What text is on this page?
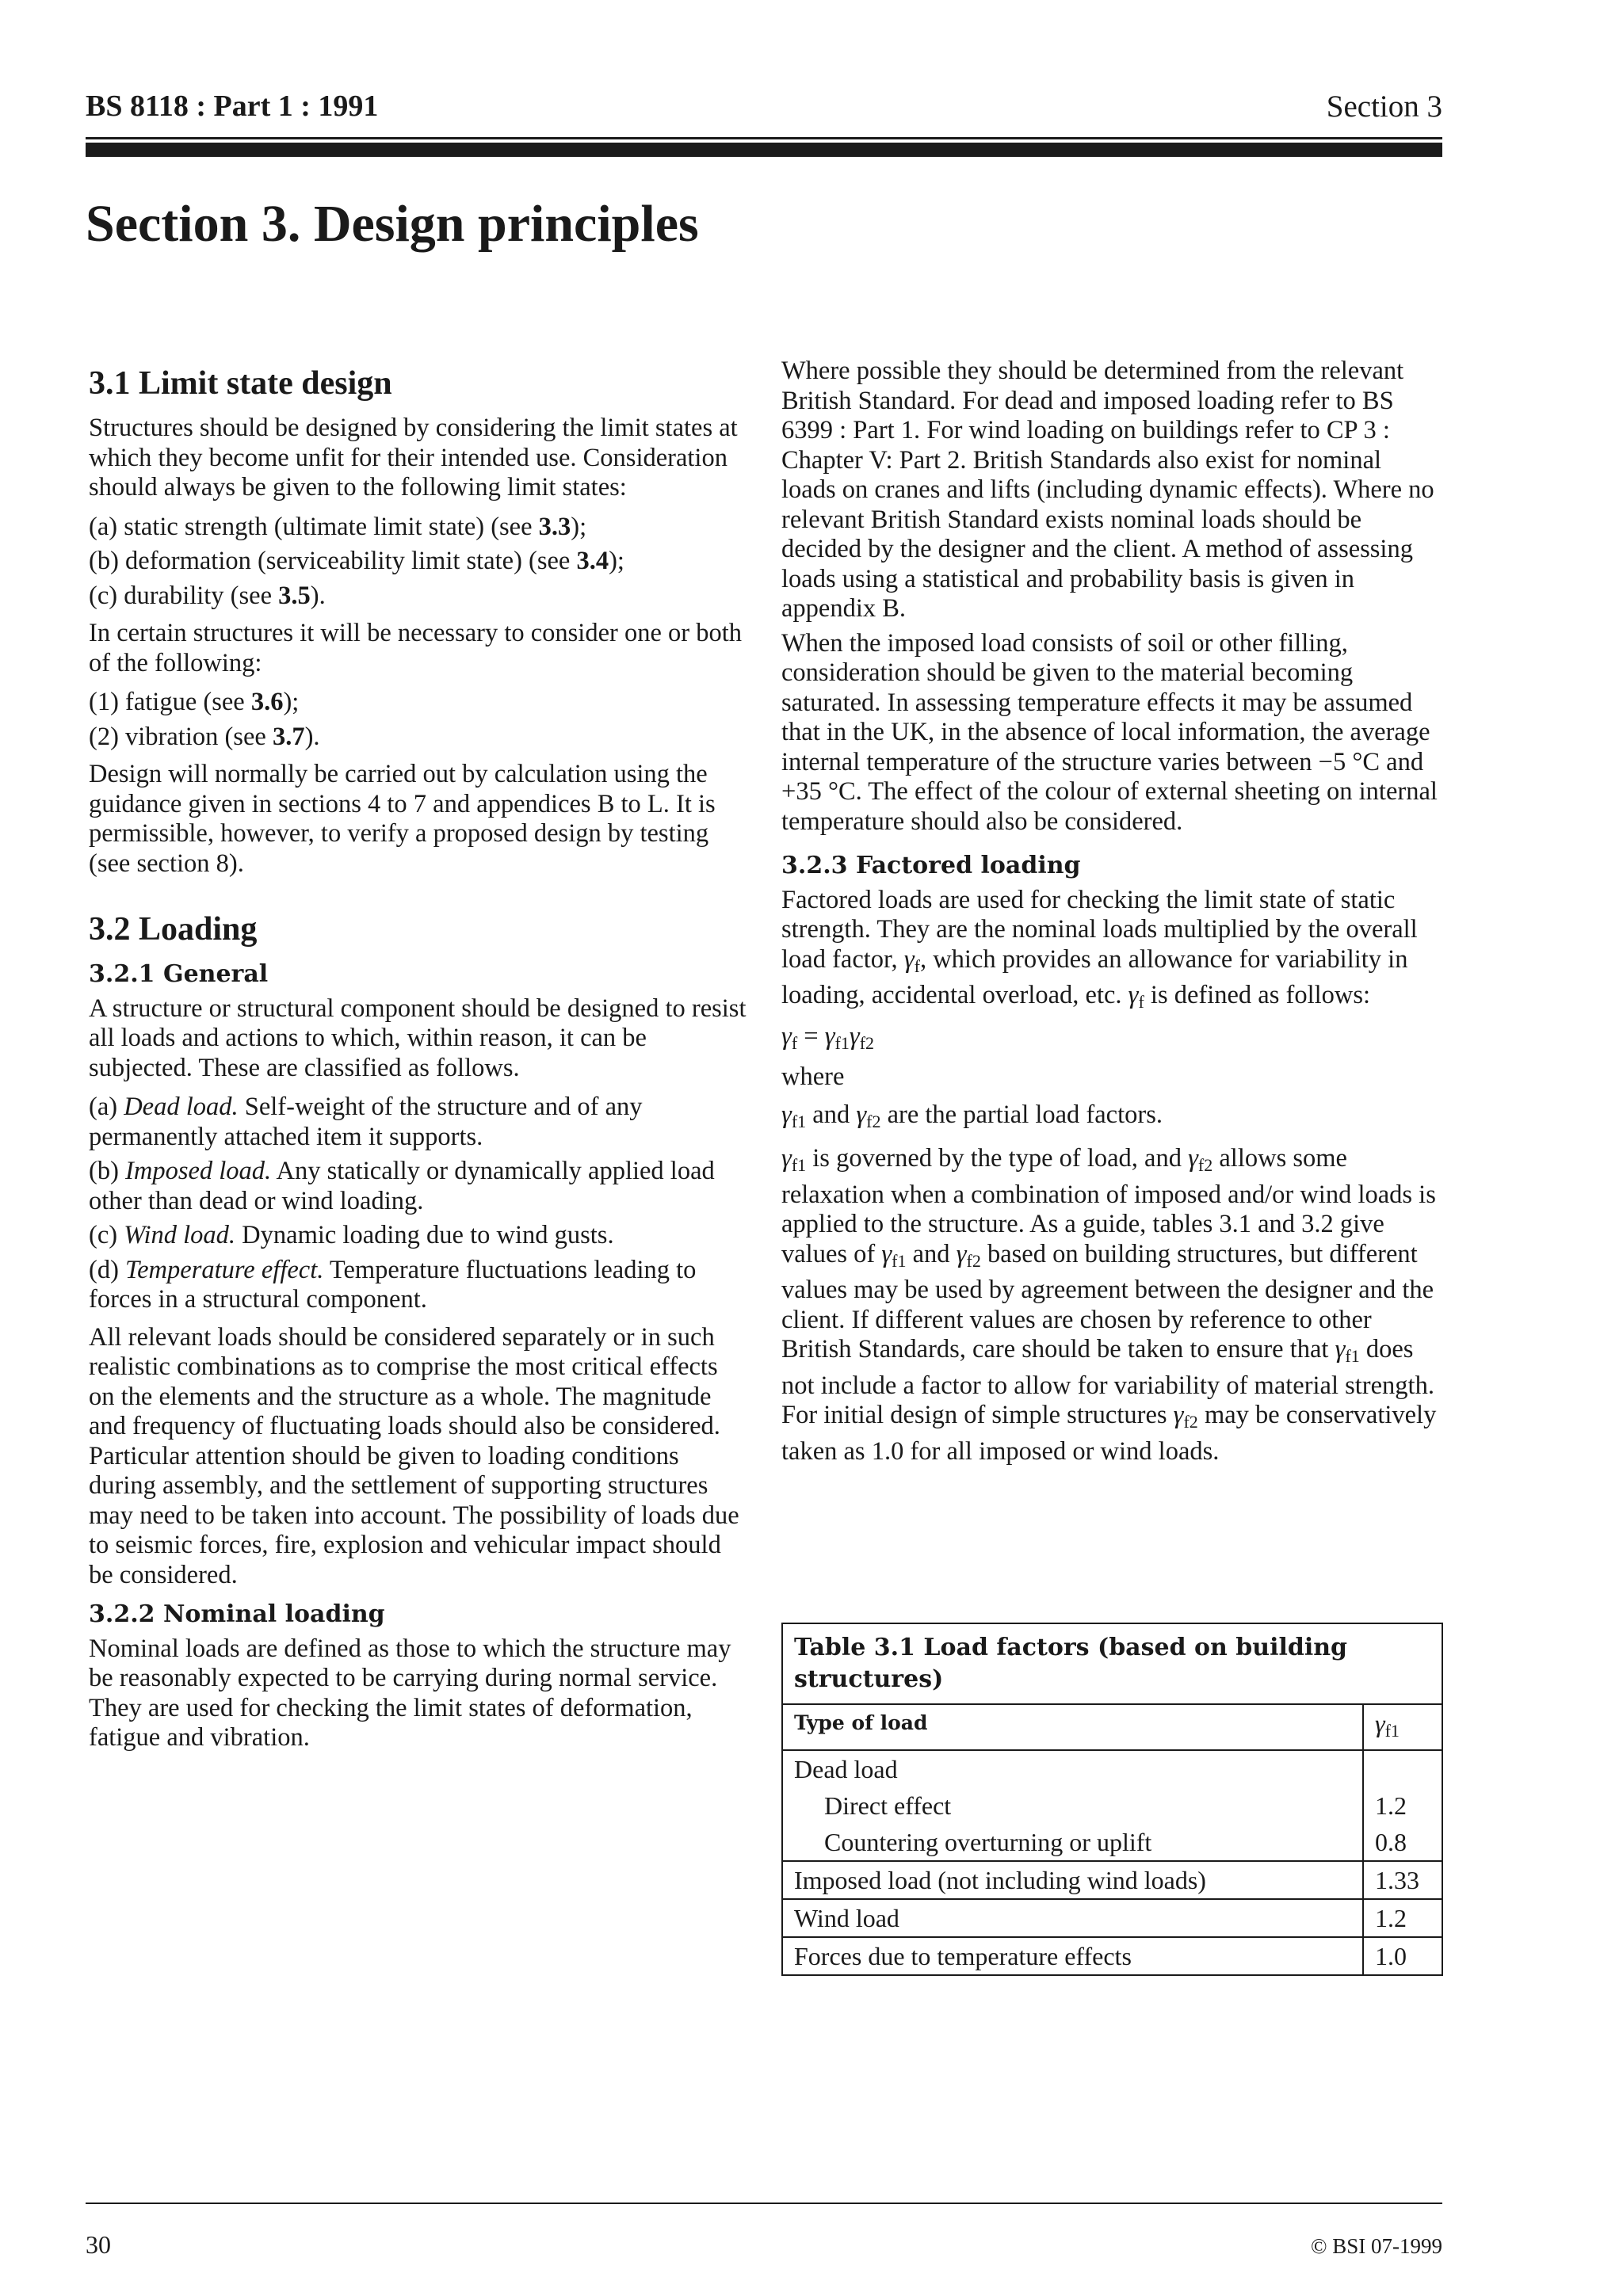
BS 8118 : Part 1 : 1991	Section 3
Section 3. Design principles
3.1 Limit state design

Structures should be designed by considering the limit states at which they become unfit for their intended use. Consideration should always be given to the following limit states:

(a) static strength (ultimate limit state) (see 3.3);

(b) deformation (serviceability limit state) (see 3.4);

(c) durability (see 3.5).

In certain structures it will be necessary to consider one or both of the following:

(1) fatigue (see 3.6);

(2) vibration (see 3.7).

Design will normally be carried out by calculation using the guidance given in sections 4 to 7 and appendices B to L. It is permissible, however, to verify a proposed design by testing (see section 8).

3.2 Loading
3.2.1 General

A structure or structural component should be designed to resist all loads and actions to which, within reason, it can be subjected. These are classified as follows.

(a) Dead load. Self-weight of the structure and of any permanently attached item it supports.

(b) Imposed load. Any statically or dynamically applied load other than dead or wind loading.

(c) Wind load. Dynamic loading due to wind gusts.

(d) Temperature effect. Temperature fluctuations leading to forces in a structural component.

All relevant loads should be considered separately or in such realistic combinations as to comprise the most critical effects on the elements and the structure as a whole. The magnitude and frequency of fluctuating loads should also be considered. Particular attention should be given to loading conditions during assembly, and the settlement of supporting structures may need to be taken into account. The possibility of loads due to seismic forces, fire, explosion and vehicular impact should be considered.

3.2.2 Nominal loading

Nominal loads are defined as those to which the structure may be reasonably expected to be carrying during normal service. They are used for checking the limit states of deformation, fatigue and vibration.

Where possible they should be determined from the relevant British Standard. For dead and imposed loading refer to BS 6399 : Part 1. For wind loading on buildings refer to CP 3 : Chapter V: Part 2. British Standards also exist for nominal loads on cranes and lifts (including dynamic effects). Where no relevant British Standard exists nominal loads should be decided by the designer and the client. A method of assessing loads using a statistical and probability basis is given in appendix B.

When the imposed load consists of soil or other filling, consideration should be given to the material becoming saturated. In assessing temperature effects it may be assumed that in the UK, in the absence of local information, the average internal temperature of the structure varies between −5 °C and +35 °C. The effect of the colour of external sheeting on internal temperature should also be considered.

3.2.3 Factored loading

Factored loads are used for checking the limit state of static strength. They are the nominal loads multiplied by the overall load factor, $\gamma_f$, which provides an allowance for variability in loading, accidental overload, etc. $\gamma_f$ is defined as follows:

$\gamma_f = \gamma_{f1}\gamma_{f2}$

where

$\gamma_{f1}$ and $\gamma_{f2}$ are the partial load factors.

$\gamma_{f1}$ is governed by the type of load, and $\gamma_{f2}$ allows some relaxation when a combination of imposed and/or wind loads is applied to the structure. As a guide, tables 3.1 and 3.2 give values of $\gamma_{f1}$ and $\gamma_{f2}$ based on building structures, but different values may be used by agreement between the designer and the client. If different values are chosen by reference to other British Standards, care should be taken to ensure that $\gamma_{f1}$ does not include a factor to allow for variability of material strength. For initial design of simple structures $\gamma_{f2}$ may be conservatively taken as 1.0 for all imposed or wind loads.

Table 3.1 Load factors (based on building structures)	
Type of load	$\gamma_{f1}$
Dead load	
Direct effect	1.2
Countering overturning or uplift	0.8
Imposed load (not including wind loads)	1.33
Wind load	1.2
Forces due to temperature effects	1.0
30	© BSI 07-1999
